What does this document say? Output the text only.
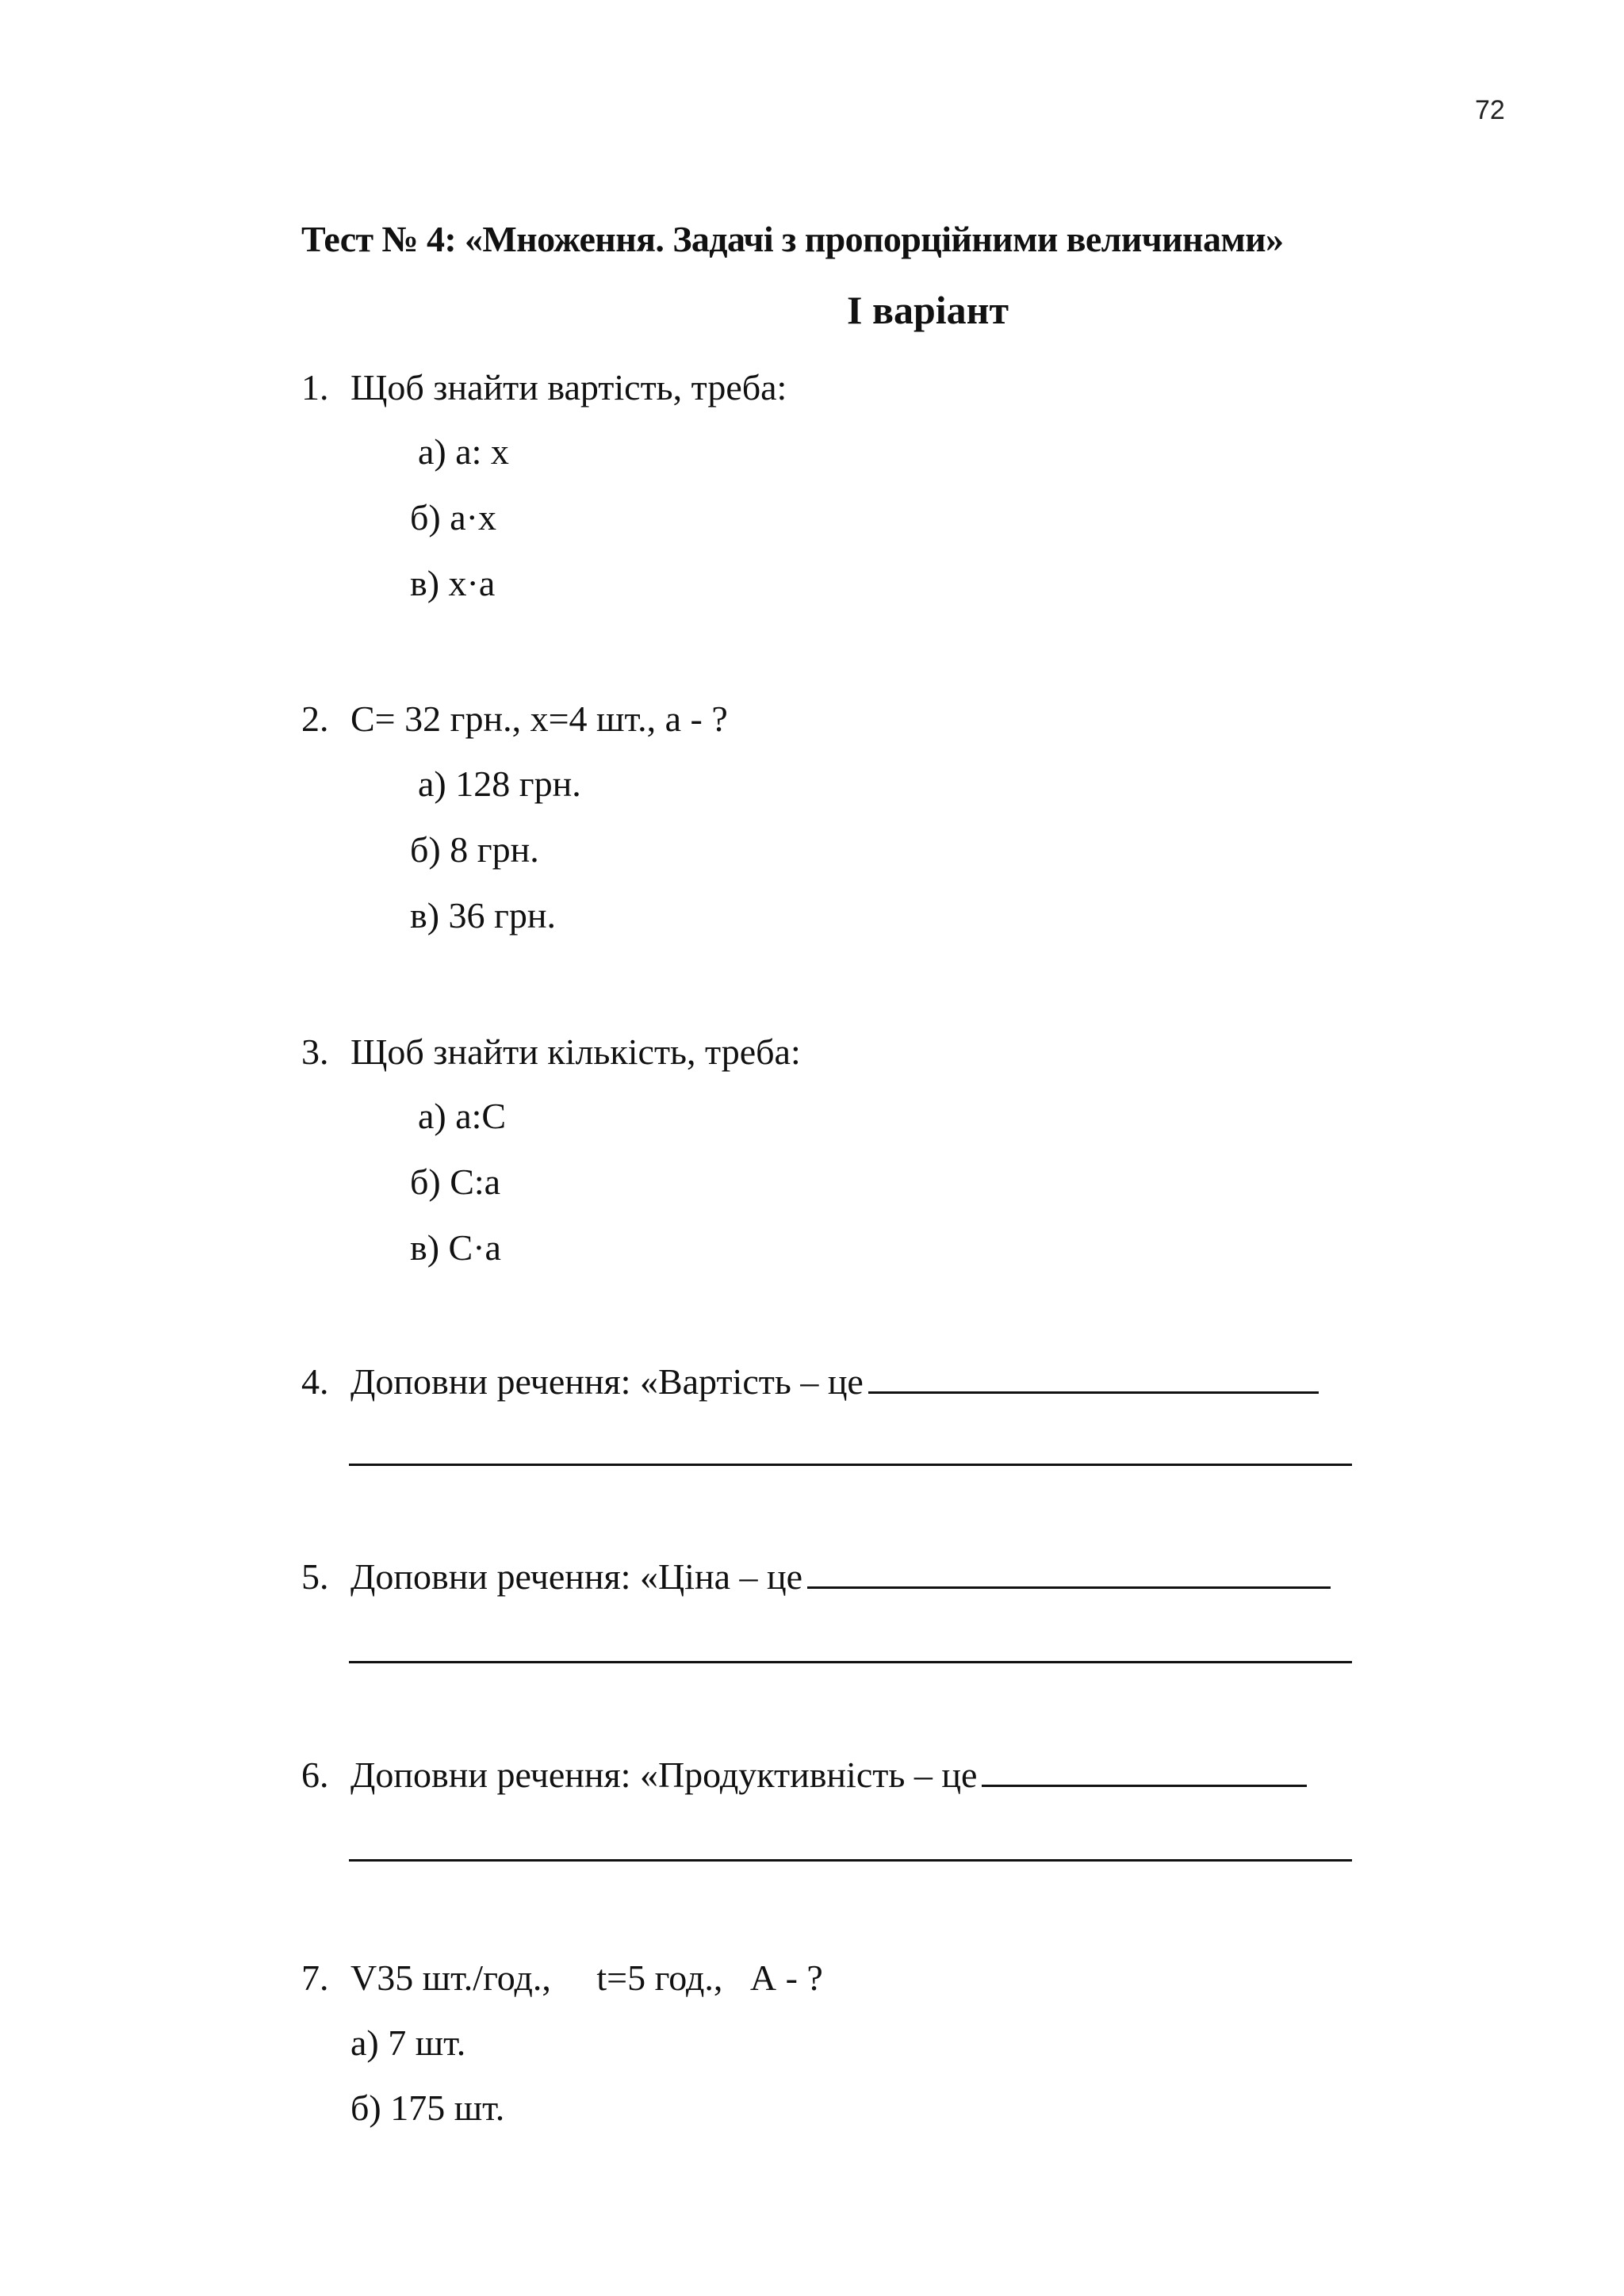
72
Тест № 4: «Множення. Задачі з пропорційними величинами»
І варіант
1. Щоб знайти вартість, треба:
а) а: х
б) а·х
в) х·а
2. С= 32 грн., х=4 шт., а - ?
а) 128 грн.
б) 8 грн.
в) 36 грн.
3. Щоб знайти кількість, треба:
а) а:С
б) С:а
в) С·а
4. Доповни речення: «Вартість – це
5. Доповни речення: «Ціна – це
6. Доповни речення: «Продуктивність – це
7. V35 шт./год.,     t=5 год.,   А - ?
а) 7 шт.
б) 175 шт.
